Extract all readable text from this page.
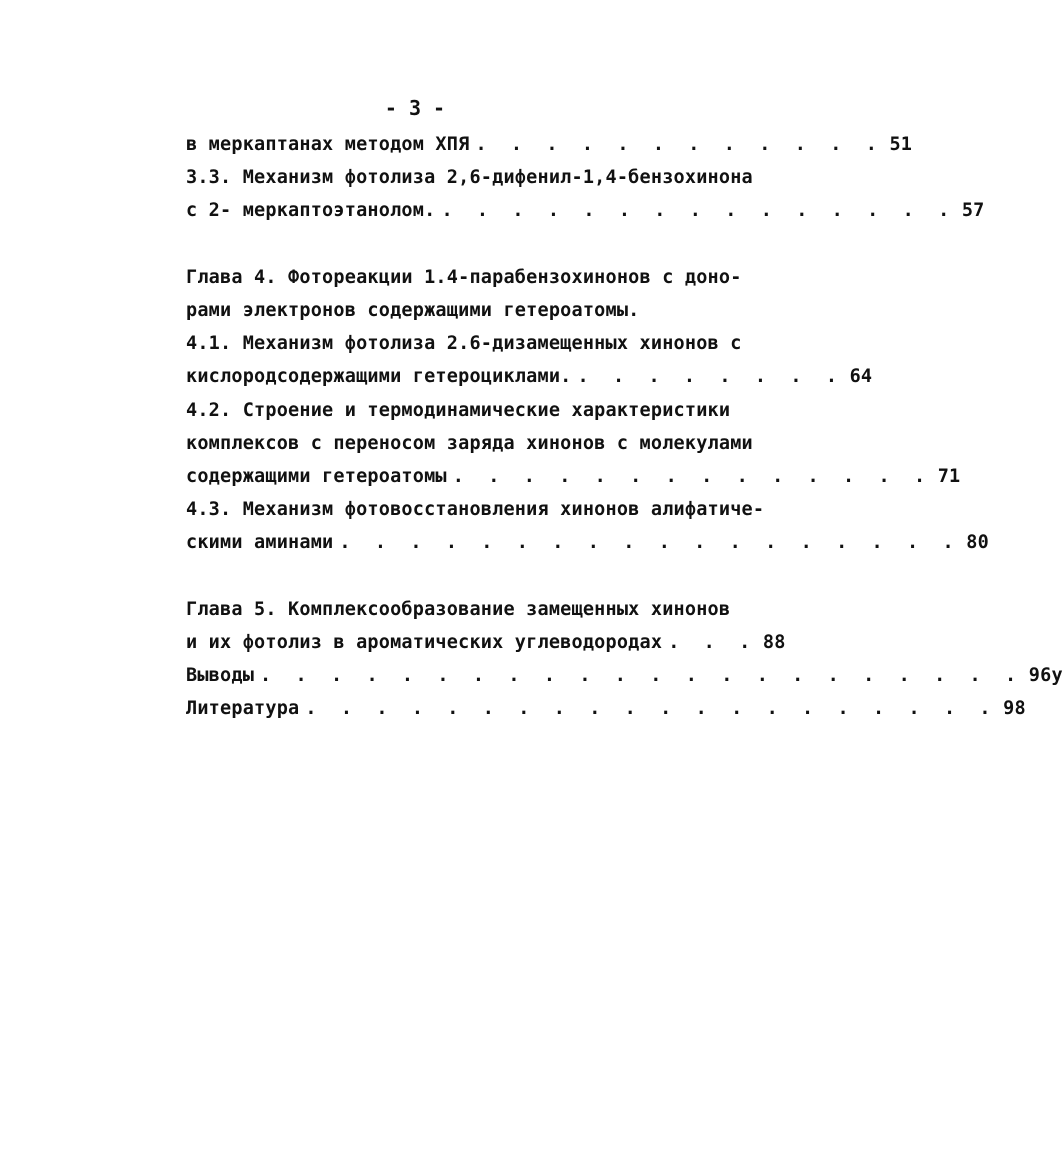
- 3 -
в меркаптанах методом ХПЯ . . . . . . . . . . . . 51
3.3. Механизм фотолиза 2,6-дифенил-1,4-бензохинона
с 2- меркаптоэтанолом. . . . . . . . . . . . . . . . 57
Глава 4. Фотореакции 1.4-парабензохинонов с доно-
рами электронов содержащими гетероатомы.
4.1. Механизм фотолиза 2.6-дизамещенных хинонов с
кислородсодержащими гетероциклами. . . . . . . . . 64
4.2. Строение и термодинамические характеристики
комплексов с переносом заряда хинонов с молекулами
содержащими гетероатомы . . . . . . . . . . . . . . 71
4.3. Механизм фотовосстановления хинонов алифатиче-
скими аминами . . . . . . . . . . . . . . . . . . 80
Глава 5. Комплексообразование замещенных хинонов
и их фотолиз в ароматических углеводородах . . . 88
Выводы . . . . . . . . . . . . . . . . . . . . . . 96у
Литература . . . . . . . . . . . . . . . . . . . . 98
